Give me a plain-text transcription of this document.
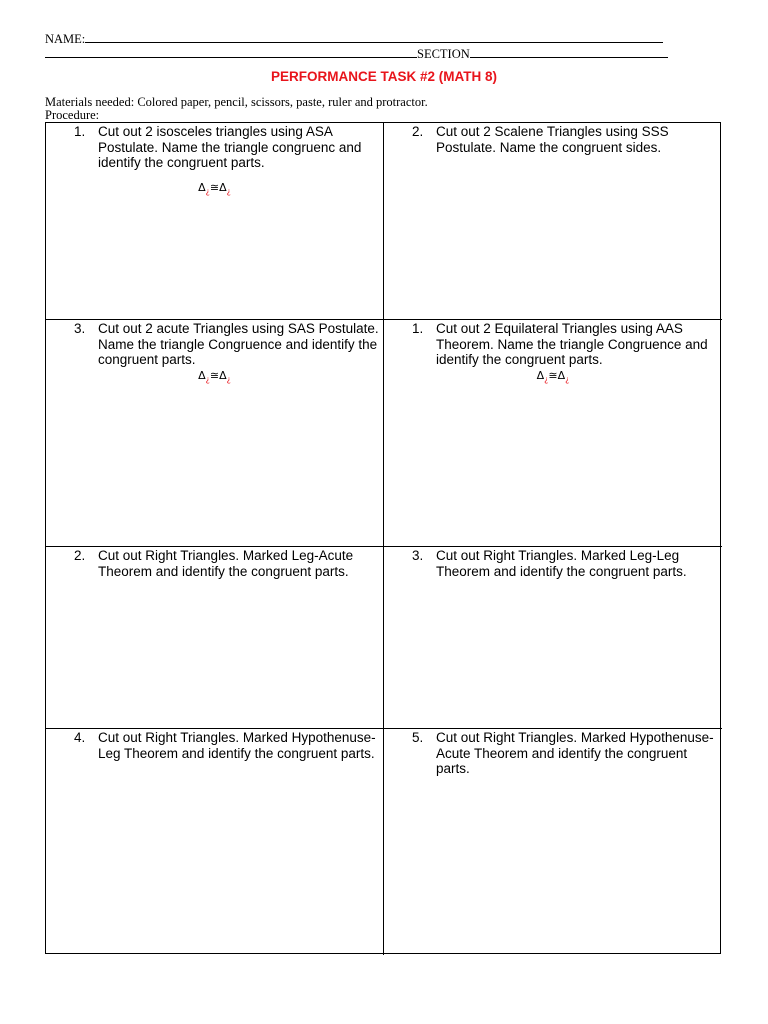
NAME:
SECTION
PERFORMANCE TASK #2 (MATH 8)
Materials needed: Colored paper, pencil, scissors, paste, ruler and protractor.
Procedure:
1. Cut out 2 isosceles triangles using ASA Postulate. Name the triangle congruenc and identify the congruent parts.
$\Delta_¿≅\Delta_¿$
2. Cut out 2 Scalene Triangles using SSS Postulate. Name the congruent sides.
3. Cut out 2 acute Triangles using SAS Postulate. Name the triangle Congruence and identify the congruent parts.
$\Delta_¿≅\Delta_¿$
1. Cut out 2 Equilateral Triangles using AAS Theorem. Name the triangle Congruence and identify the congruent parts.
$\Delta_¿≅\Delta_¿$
2. Cut out Right Triangles. Marked Leg-Acute Theorem and identify the congruent parts.
3. Cut out Right Triangles. Marked Leg-Leg Theorem and identify the congruent parts.
4. Cut out Right Triangles. Marked Hypothenuse-Leg Theorem and identify the congruent parts.
5. Cut out Right Triangles. Marked Hypothenuse- Acute Theorem and identify the congruent parts.
